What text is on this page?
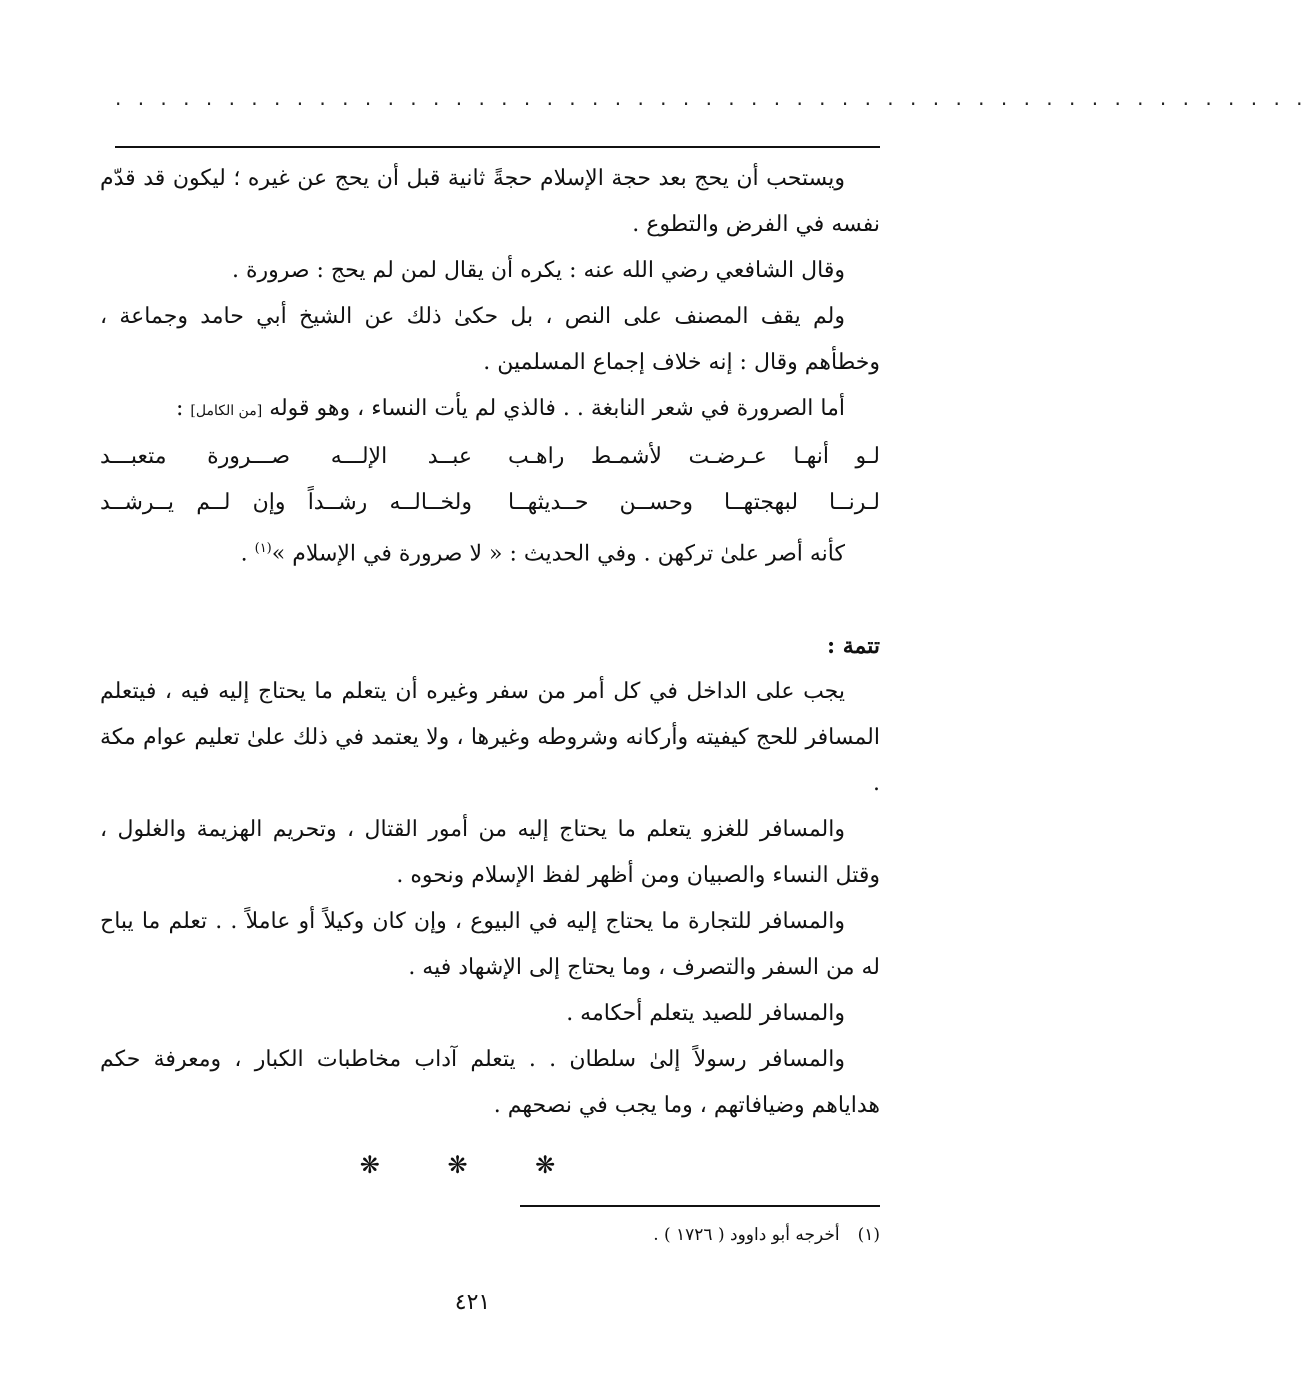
. . . . . . . . . . . . . . . . . . . . . . . . . . . . . . . . . . . . . . . . . . . . . . . . . . . . .

ويستحب أن يحج بعد حجة الإسلام حجةً ثانية قبل أن يحج عن غيره ؛ ليكون قد قدّم نفسه في الفرض والتطوع .

وقال الشافعي رضي الله عنه : يكره أن يقال لمن لم يحج : صرورة .

ولم يقف المصنف على النص ، بل حكىٰ ذلك عن الشيخ أبي حامد وجماعة ، وخطأهم وقال : إنه خلاف إجماع المسلمين .

أما الصرورة في شعر النابغة . . فالذي لم يأت النساء ، وهو قوله [من الكامل] :

لـو أنهـا عـرضـت لأشمـط راهـب
عبــد الإلـــه صـــرورة متعبـــد
لـرنــا لبهجتهــا وحســن حــديثهــا
ولخــالــه رشــداً وإن لــم يــرشــد

كأنه أصر علىٰ تركهن . وفي الحديث : « لا صرورة في الإسلام »$^{(١)}$ .

تتمة :

يجب على الداخل في كل أمر من سفر وغيره أن يتعلم ما يحتاج إليه فيه ، فيتعلم المسافر للحج كيفيته وأركانه وشروطه وغيرها ، ولا يعتمد في ذلك علىٰ تعليم عوام مكة .

والمسافر للغزو يتعلم ما يحتاج إليه من أمور القتال ، وتحريم الهزيمة والغلول ، وقتل النساء والصبيان ومن أظهر لفظ الإسلام ونحوه .

والمسافر للتجارة ما يحتاج إليه في البيوع ، وإن كان وكيلاً أو عاملاً . . تعلم ما يباح له من السفر والتصرف ، وما يحتاج إلى الإشهاد فيه .

والمسافر للصيد يتعلم أحكامه .

والمسافر رسولاً إلىٰ سلطان . . يتعلم آداب مخاطبات الكبار ، ومعرفة حكم هداياهم وضيافاتهم ، وما يجب في نصحهم .

❋ ❋ ❋
(١)أخرجه أبو داوود ( ١٧٢٦ ) .
٤٢١
